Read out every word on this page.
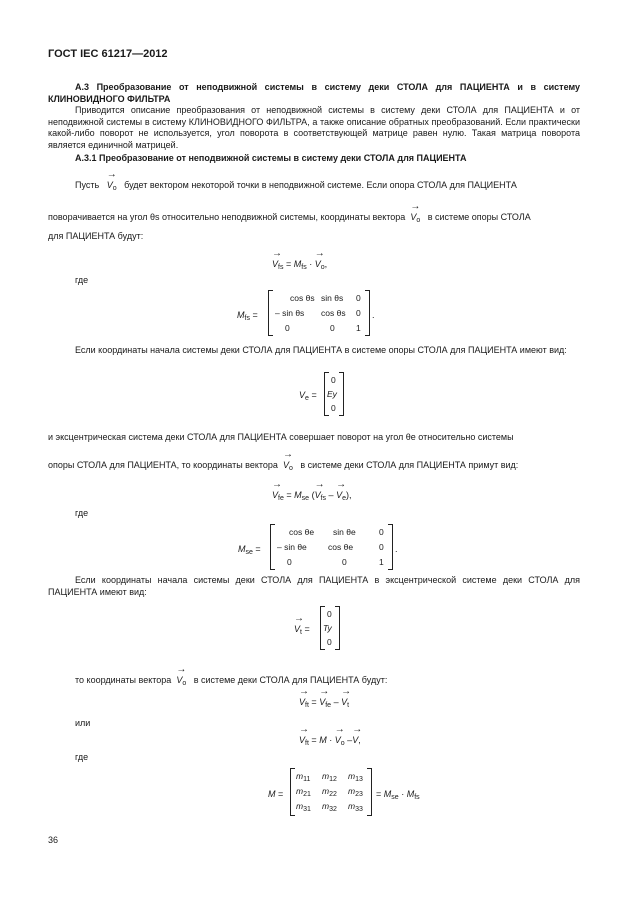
ГОСТ IEC 61217—2012
А.3 Преобразование от неподвижной системы в систему деки СТОЛА для ПАЦИЕНТА и в систему КЛИНОВИДНОГО ФИЛЬТРА
Приводится описание преобразования от неподвижной системы в систему деки СТОЛА для ПАЦИЕНТА и от неподвижной системы в систему КЛИНОВИДНОГО ФИЛЬТРА, а также описание обратных преобразований. Если практически какой-либо поворот не используется, угол поворота в соответствующей матрице равен нулю. Такая матрица поворота является единичной матрицей.
А.3.1 Преобразование от неподвижной системы в систему деки СТОЛА для ПАЦИЕНТА
Пусть → $V_o$ будет вектором некоторой точки в неподвижной системе. Если опора СТОЛА для ПАЦИЕНТА
поворачивается на угол θs относительно неподвижной системы, координаты вектора → $V_o$ в системе опоры СТОЛА
для ПАЦИЕНТА будут:
→ $V_{fs} = M_{fs}$ · → $V_o$,
где
$M_{fs}$ =
cos θs sin θs 0
– sin θs cos θs 0
0	0	1
.
Если координаты начала системы деки СТОЛА для ПАЦИЕНТА в системе опоры СТОЛА для ПАЦИЕНТА имеют вид:
$V_e$ =
0
Ey
0
и эксцентрическая система деки СТОЛА для ПАЦИЕНТА совершает поворот на угол θe относительно системы
опоры СТОЛА для ПАЦИЕНТА, то координаты вектора → $V_o$ в системе деки СТОЛА для ПАЦИЕНТА примут вид:
→ $V_{fe} = M_{se}$ (→ $V_{fs}$ – → $V_e$),
где
$M_{se}$ =
cos θe sin θe	0
– sin θe cos θe	0
0	0	1
.
Если координаты начала системы деки СТОЛА для ПАЦИЕНТА в эксцентрической системе деки СТОЛА для ПАЦИЕНТА имеют вид:
→ $V_t$ =
0
Ty
0
то координаты вектора → $V_o$ в системе деки СТОЛА для ПАЦИЕНТА будут:
→ $V_{ft}$ = → $V_{fe}$ – → $V_t$
или
→ $V_{ft} = M$ · → $V_o -\to V$,
где
M =
$m_{11}$ $m_{12}$ $m_{13}$
$m_{21}$ $m_{22}$ $m_{23}$
$m_{31}$ $m_{32}$ $m_{33}$
= $M_{se} \cdot M_{fs}$
36
